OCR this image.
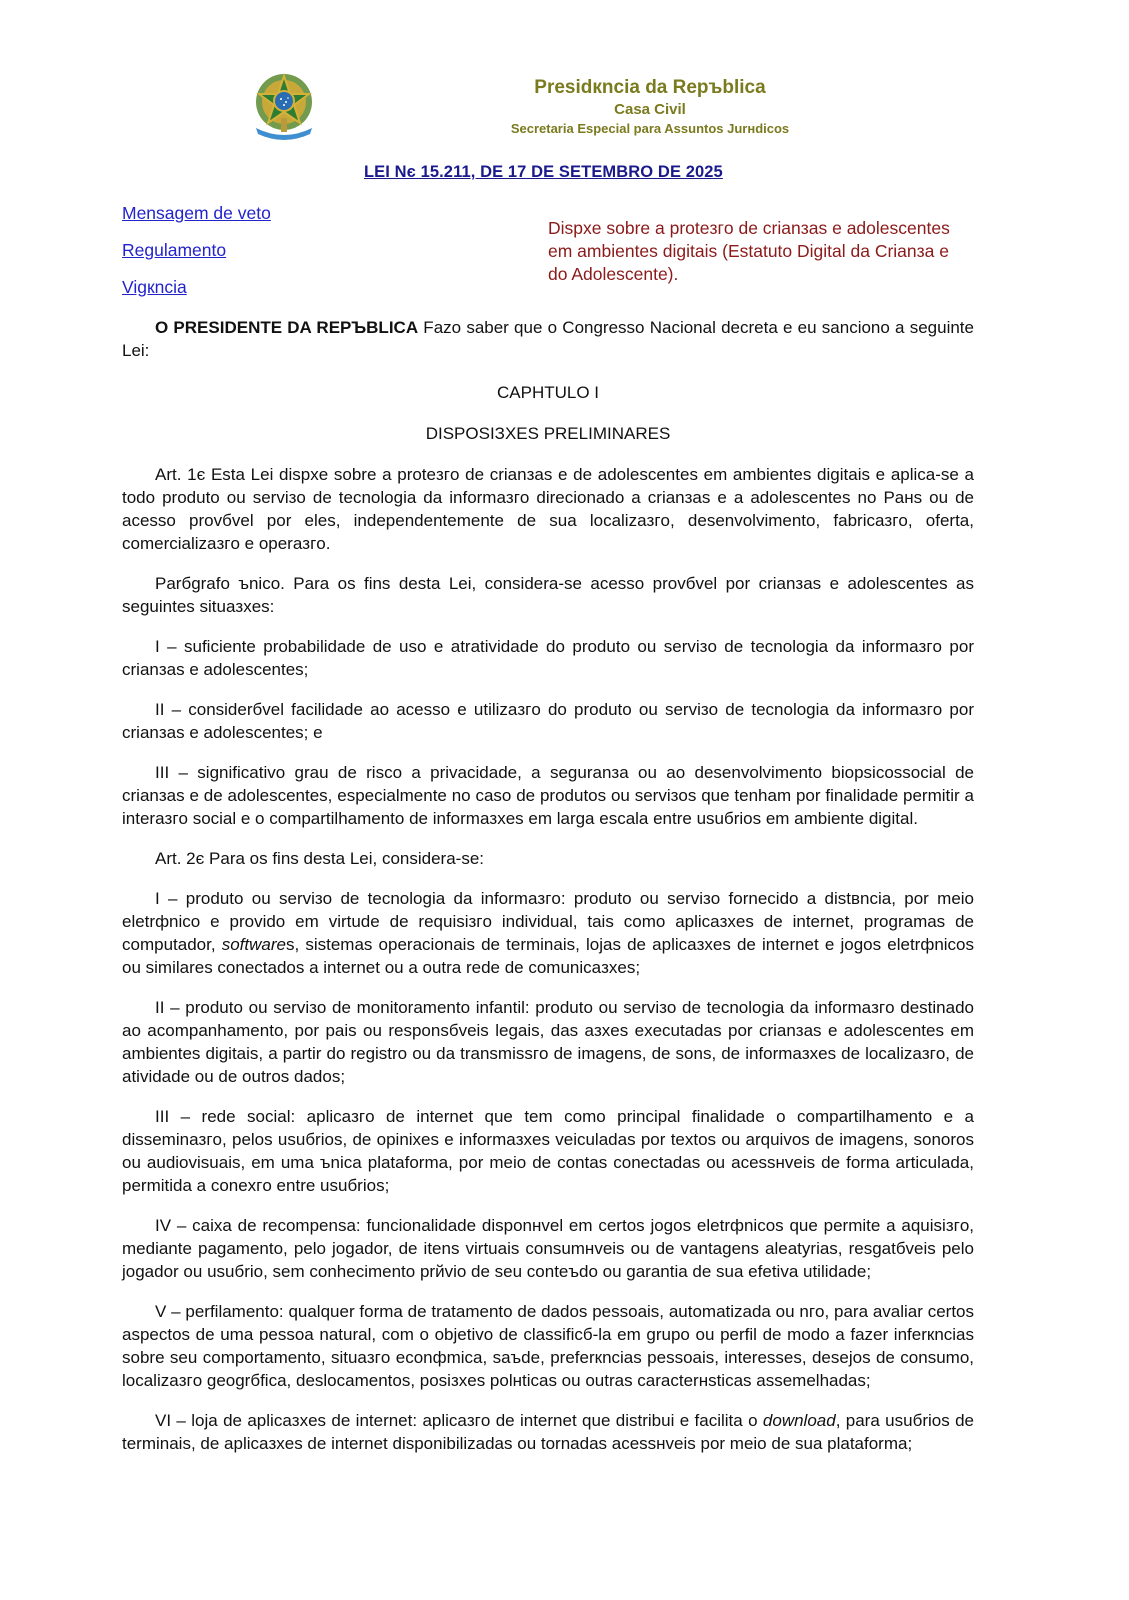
Presidкncia da Repъblica
Casa Civil
Secretaria Especial para Assuntos Jurнdicos
LEI Nє 15.211, DE 17 DE SETEMBRO DE 2025
Mensagem de veto
Regulamento
Vigкncia
Dispxe sobre a proteзгo de crianзas e adolescentes em ambientes digitais (Estatuto Digital da Crianзa e do Adolescente).

O PRESIDENTE DA REPЪBLICA Fazo saber que o Congresso Nacional decreta e eu sanciono a seguinte Lei:

CAPНTULO I

DISPOSIЗХES PRELIMINARES

Art. 1є Esta Lei dispxe sobre a proteзгo de crianзas e de adolescentes em ambientes digitais e aplica-se a todo produto ou serviзo de tecnologia da informaзгo direcionado a crianзas e a adolescentes no Paнs ou de acesso provбvel por eles, independentemente de sua localizaзгo, desenvolvimento, fabricaзгo, oferta, comercializaзгo e operaзгo.

Parбgrafo ъnico. Para os fins desta Lei, considera-se acesso provбvel por crianзas e adolescentes as seguintes situaзхes:

I – suficiente probabilidade de uso e atratividade do produto ou serviзo de tecnologia da informaзгo por crianзas e adolescentes;

II – considerбvel facilidade ao acesso e utilizaзгo do produto ou serviзo de tecnologia da informaзгo por crianзas e adolescentes; e

III – significativo grau de risco a privacidade, a seguranзa ou ao desenvolvimento biopsicossocial de crianзas e de adolescentes, especialmente no caso de produtos ou serviзos que tenham por finalidade permitir a interaзгo social e o compartilhamento de informaзхes em larga escala entre usuбrios em ambiente digital.

Art. 2є Para os fins desta Lei, considera-se:

I – produto ou serviзo de tecnologia da informaзгo: produto ou serviзo fornecido a distвncia, por meio eletrфnico e provido em virtude de requisiзгo individual, tais como aplicaзхes de internet, programas de computador, softwares, sistemas operacionais de terminais, lojas de aplicaзхes de internet e jogos eletrфnicos ou similares conectados a internet ou a outra rede de comunicaзхes;

II – produto ou serviзo de monitoramento infantil: produto ou serviзo de tecnologia da informaзгo destinado ao acompanhamento, por pais ou responsбveis legais, das aзхes executadas por crianзas e adolescentes em ambientes digitais, a partir do registro ou da transmissгo de imagens, de sons, de informaзхes de localizaзгo, de atividade ou de outros dados;

III – rede social: aplicaзгo de internet que tem como principal finalidade o compartilhamento e a disseminaзгo, pelos usuбrios, de opiniхes e informaзхes veiculadas por textos ou arquivos de imagens, sonoros ou audiovisuais, em uma ъnica plataforma, por meio de contas conectadas ou acessнveis de forma articulada, permitida a conexгo entre usuбrios;

IV – caixa de recompensa: funcionalidade disponнvel em certos jogos eletrфnicos que permite a aquisiзгo, mediante pagamento, pelo jogador, de itens virtuais consumнveis ou de vantagens aleatуrias, resgatбveis pelo jogador ou usuбrio, sem conhecimento prйvio de seu conteъdo ou garantia de sua efetiva utilidade;

V – perfilamento: qualquer forma de tratamento de dados pessoais, automatizada ou nгo, para avaliar certos aspectos de uma pessoa natural, com o objetivo de classificб-la em grupo ou perfil de modo a fazer inferкncias sobre seu comportamento, situaзгo econфmica, saъde, preferкncias pessoais, interesses, desejos de consumo, localizaзгo geogrбfica, deslocamentos, posiзхes polнticas ou outras caracterнsticas assemelhadas;

VI – loja de aplicaзхes de internet: aplicaзгo de internet que distribui e facilita o download, para usuбrios de terminais, de aplicaзхes de internet disponibilizadas ou tornadas acessнveis por meio de sua plataforma;
